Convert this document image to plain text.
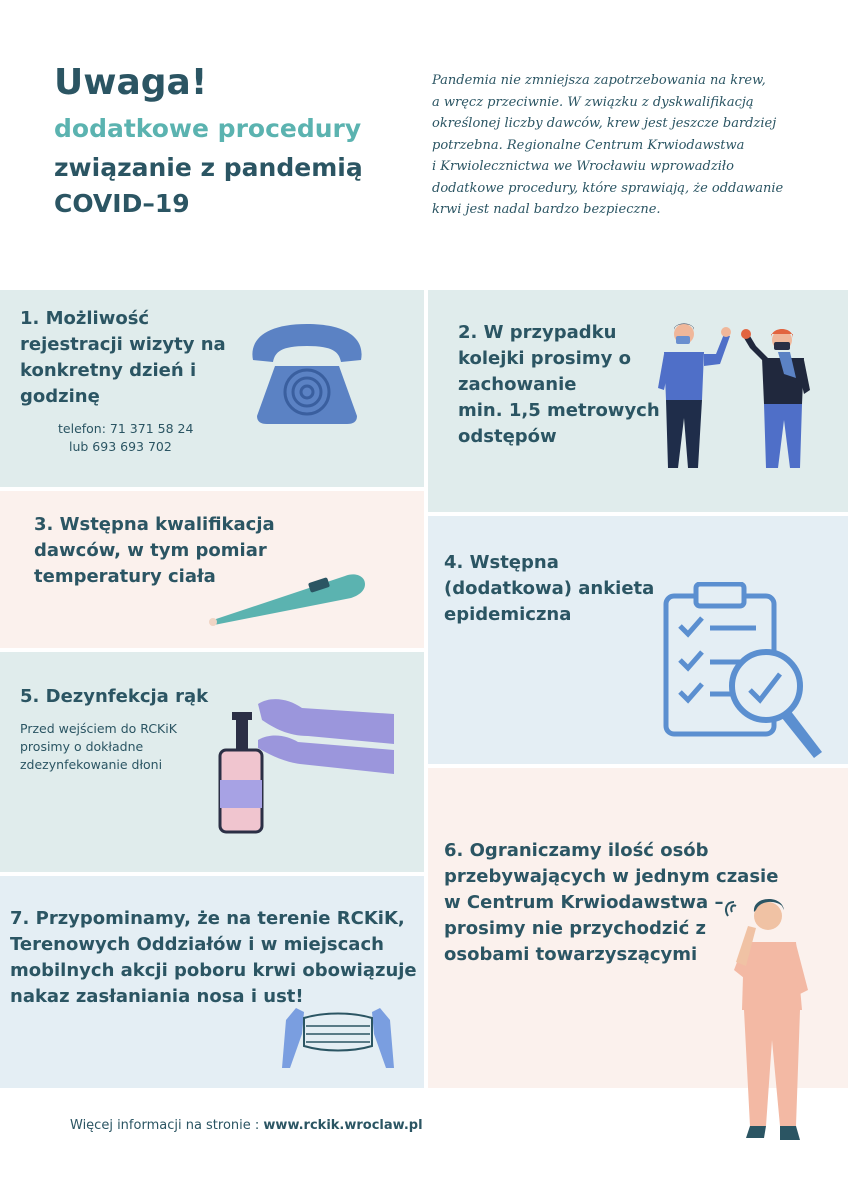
Uwaga!
dodatkowe procedury
związanie z pandemią
COVID–19

Pandemia nie zmniejsza zapotrzebowania na krew,
a wręcz przeciwnie. W związku z dyskwalifikacją
określonej liczby dawców, krew jest jeszcze bardziej
potrzebna. Regionalne Centrum Krwiodawstwa
i Krwiolecznictwa we Wrocławiu wprowadziło
dodatkowe procedury, które sprawiają, że oddawanie
krwi jest nadal bardzo bezpieczne.

1. Możliwość
rejestracji wizyty na
konkretny dzień i
godzinę

telefon: 71 371 58 24
lub 693 693 702

2. W przypadku
kolejki prosimy o
zachowanie
min. 1,5 metrowych
odstępów

3. Wstępna kwalifikacja
dawców, w tym pomiar
temperatury ciała

4. Wstępna
(dodatkowa) ankieta
epidemiczna

5. Dezynfekcja rąk

Przed wejściem do RCKiK
prosimy o dokładne
zdezynfekowanie dłoni

6. Ograniczamy ilość osób
przebywających w jednym czasie
w Centrum Krwiodawstwa –
prosimy nie przychodzić z
osobami towarzyszącymi

7. Przypominamy, że na terenie RCKiK,
Terenowych Oddziałów i w miejscach
mobilnych akcji poboru krwi obowiązuje
nakaz zasłaniania nosa i ust!

Więcej informacji na stronie : www.rckik.wroclaw.pl
